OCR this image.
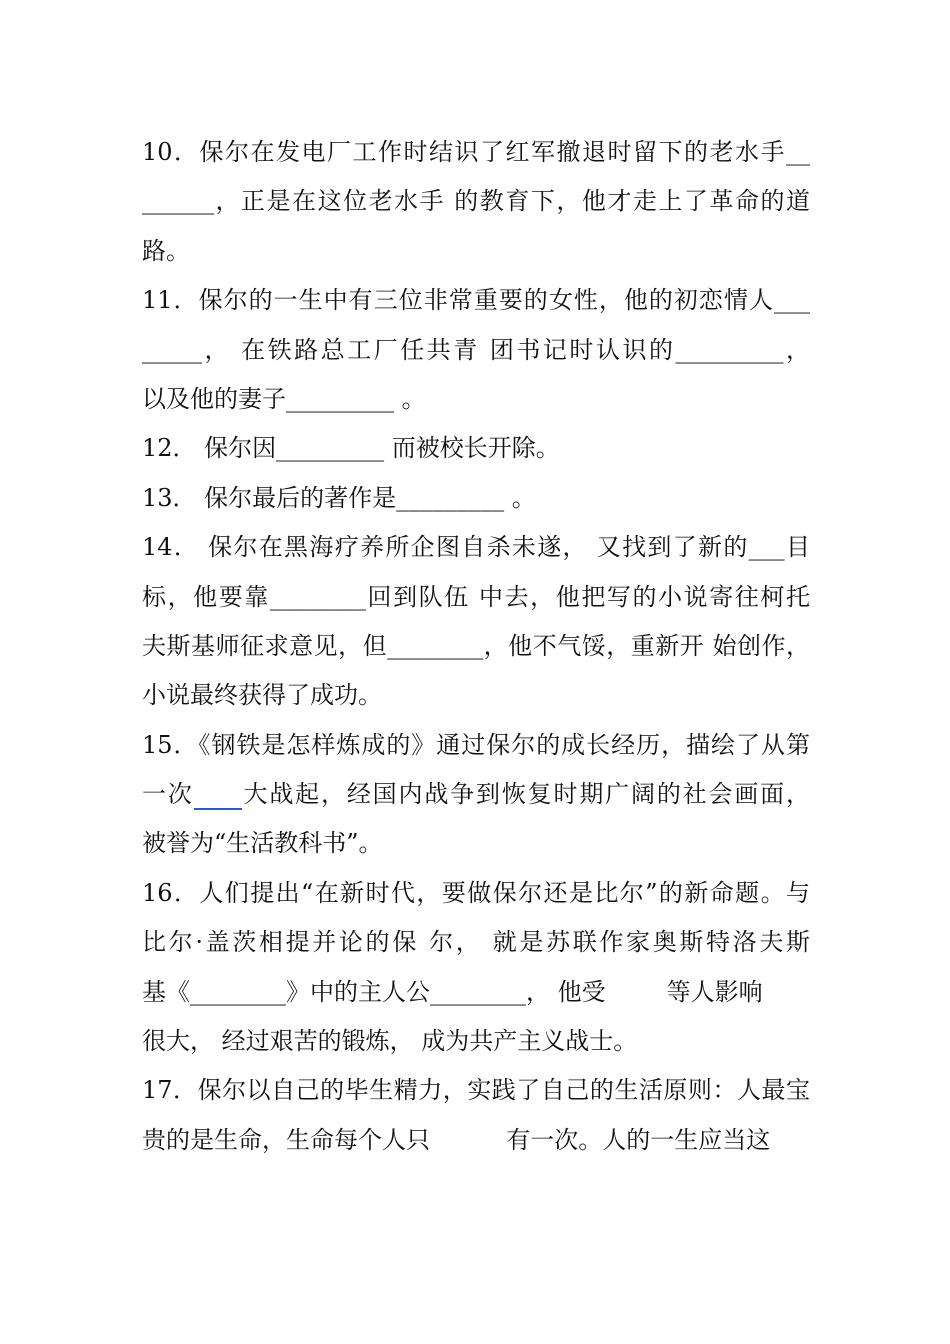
10．保尔在发电厂工作时结识了红军撤退时留下的老水手__
______，正是在这位老水手 的教育下，他才走上了革命的道
路。
11．保尔的一生中有三位非常重要的女性，他的初恋情人___
_____， 在铁路总工厂任共青 团书记时认识的_________，
以及他的妻子_________ 。
12． 保尔因_________ 而被校长开除。
13． 保尔最后的著作是_________ 。
14． 保尔在黑海疗养所企图自杀未遂， 又找到了新的___目
标，他要靠________回到队伍 中去，他把写的小说寄往柯托
夫斯基师征求意见，但________，他不气馁，重新开 始创作，
小说最终获得了成功。
15．《钢铁是怎样炼成的》通过保尔的成长经历，描绘了从第
一次 大战起，经国内战争到恢复时期广阔的社会画面，
被誉为“生活教科书”。
16．人们提出“在新时代，要做保尔还是比尔”的新命题。与
比尔·盖茨相提并论的保 尔， 就是苏联作家奥斯特洛夫斯
基《________》中的主人公________， 他受        等人影响
很大， 经过艰苦的锻炼， 成为共产主义战士。
17．保尔以自己的毕生精力，实践了自己的生活原则：人最宝
贵的是生命，生命每个人只          有一次。人的一生应当这
